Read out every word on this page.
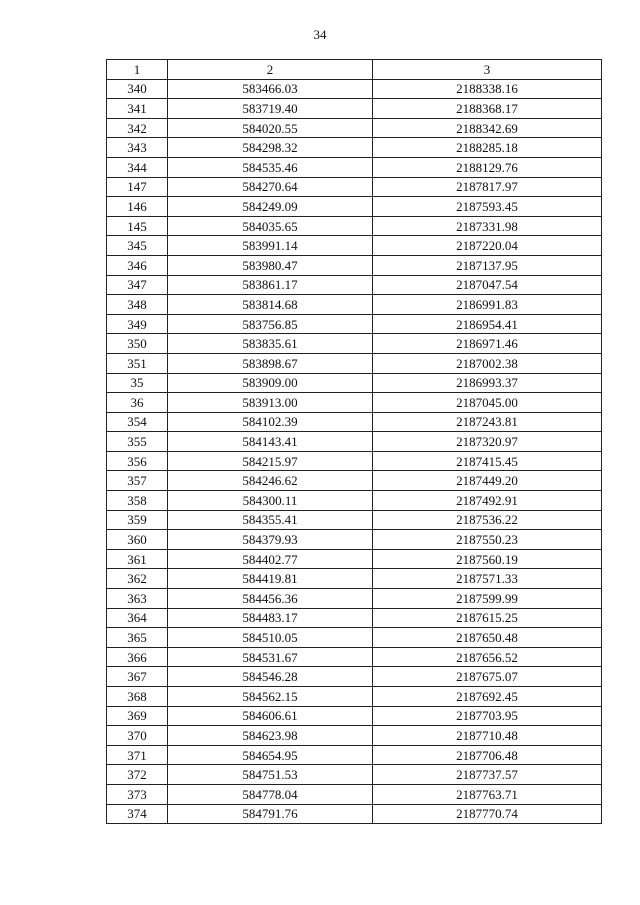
34
1	2	3
340	583466.03	2188338.16
341	583719.40	2188368.17
342	584020.55	2188342.69
343	584298.32	2188285.18
344	584535.46	2188129.76
147	584270.64	2187817.97
146	584249.09	2187593.45
145	584035.65	2187331.98
345	583991.14	2187220.04
346	583980.47	2187137.95
347	583861.17	2187047.54
348	583814.68	2186991.83
349	583756.85	2186954.41
350	583835.61	2186971.46
351	583898.67	2187002.38
35	583909.00	2186993.37
36	583913.00	2187045.00
354	584102.39	2187243.81
355	584143.41	2187320.97
356	584215.97	2187415.45
357	584246.62	2187449.20
358	584300.11	2187492.91
359	584355.41	2187536.22
360	584379.93	2187550.23
361	584402.77	2187560.19
362	584419.81	2187571.33
363	584456.36	2187599.99
364	584483.17	2187615.25
365	584510.05	2187650.48
366	584531.67	2187656.52
367	584546.28	2187675.07
368	584562.15	2187692.45
369	584606.61	2187703.95
370	584623.98	2187710.48
371	584654.95	2187706.48
372	584751.53	2187737.57
373	584778.04	2187763.71
374	584791.76	2187770.74
